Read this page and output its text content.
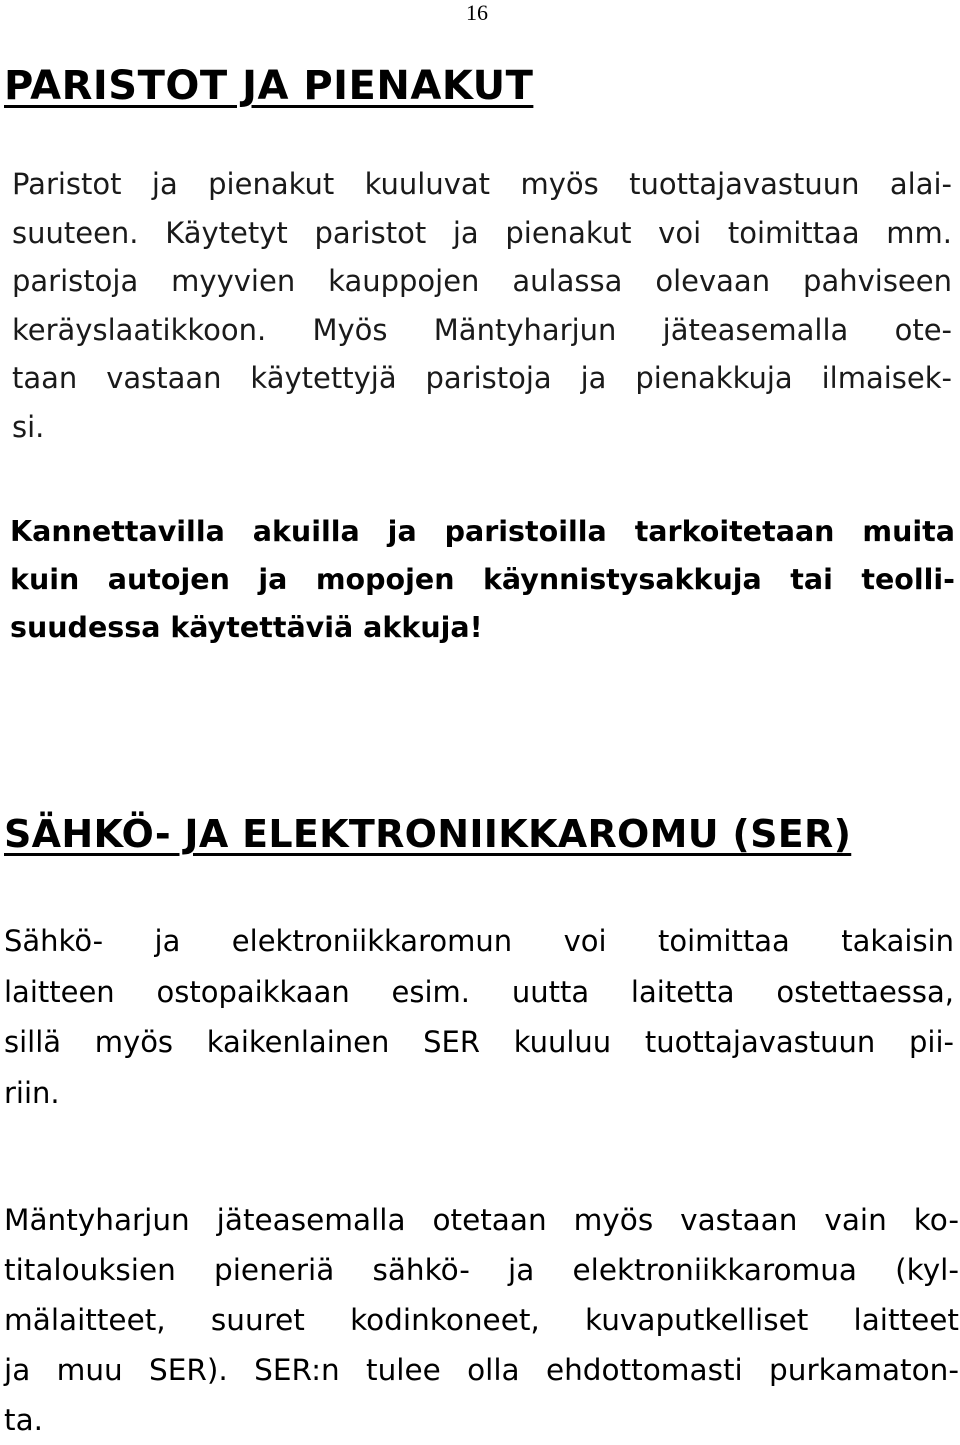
16
PARISTOT JA PIENAKUT

Paristot ja pienakut kuuluvat myös tuottajavastuun alai-
suuteen. Käytetyt paristot ja pienakut voi toimittaa mm.
paristoja myyvien kauppojen aulassa olevaan pahviseen
keräyslaatikkoon. Myös Mäntyharjun jäteasemalla ote-
taan vastaan käytettyjä paristoja ja pienakkuja ilmaisek-
si.

Kannettavilla akuilla ja paristoilla tarkoitetaan muita
kuin autojen ja mopojen käynnistysakkuja tai teolli-
suudessa käytettäviä akkuja!

SÄHKÖ- JA ELEKTRONIIKKAROMU (SER)

Sähkö- ja elektroniikkaromun voi toimittaa takaisin
laitteen ostopaikkaan esim. uutta laitetta ostettaessa,
sillä myös kaikenlainen SER kuuluu tuottajavastuun pii-
riin.

Mäntyharjun jäteasemalla otetaan myös vastaan vain ko-
titalouksien pieneriä sähkö- ja elektroniikkaromua (kyl-
mälaitteet, suuret kodinkoneet, kuvaputkelliset laitteet
ja muu SER). SER:n tulee olla ehdottomasti purkamaton-
ta.
